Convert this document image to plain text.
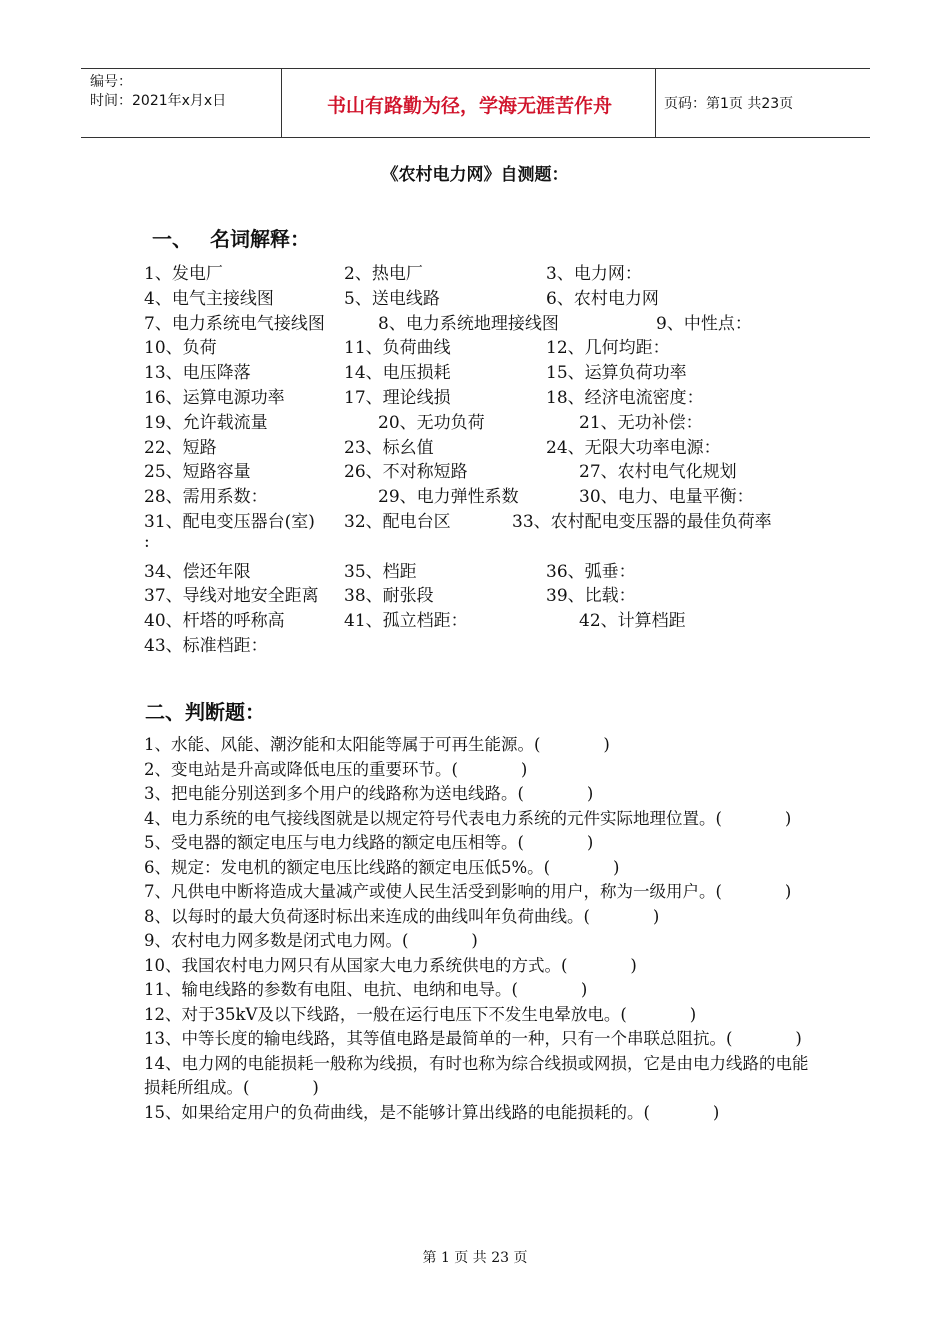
编号：
时间：2021年x月x日	书山有路勤为径，学海无涯苦作舟	页码：第1页 共23页
《农村电力网》自测题：
一、 名词解释：
1、发电厂	2、热电厂	3、电力网：
4、电气主接线图	5、送电线路	6、农村电力网
7、电力系统电气接线图	8、电力系统地理接线图	9、中性点：
10、负荷	11、负荷曲线	12、几何均距：
13、电压降落	14、电压损耗	15、运算负荷功率
16、运算电源功率	17、理论线损	18、经济电流密度：
19、允许载流量	20、无功负荷	21、无功补偿：
22、短路	23、标幺值	24、无限大功率电源：
25、短路容量	26、不对称短路	27、农村电气化规划
28、需用系数：	29、电力弹性系数	30、电力、电量平衡：
31、配电变压器台(室) 32、配电台区	33、农村配电变压器的最佳负荷率
:
34、偿还年限	35、档距	36、弧垂：
37、导线对地安全距离 38、耐张段	39、比载：
40、杆塔的呼称高	41、孤立档距：	42、计算档距
43、标准档距：
二、判断题：
1、水能、风能、潮汐能和太阳能等属于可再生能源。(            )
2、变电站是升高或降低电压的重要环节。(            )
3、把电能分别送到多个用户的线路称为送电线路。(            )
4、电力系统的电气接线图就是以规定符号代表电力系统的元件实际地理位置。(            )
5、受电器的额定电压与电力线路的额定电压相等。(            )
6、规定：发电机的额定电压比线路的额定电压低5%。(            )
7、凡供电中断将造成大量减产或使人民生活受到影响的用户，称为一级用户。(            )
8、以每时的最大负荷逐时标出来连成的曲线叫年负荷曲线。(            )
9、农村电力网多数是闭式电力网。(            )
10、我国农村电力网只有从国家大电力系统供电的方式。(            )
11、输电线路的参数有电阻、电抗、电纳和电导。(            )
12、对于35kV及以下线路，一般在运行电压下不发生电晕放电。(            )
13、中等长度的输电线路，其等值电路是最简单的一种，只有一个串联总阻抗。(            )
14、电力网的电能损耗一般称为线损，有时也称为综合线损或网损，它是由电力线路的电能损耗所组成。(            )
15、如果给定用户的负荷曲线，是不能够计算出线路的电能损耗的。(            )
第 1 页 共 23 页
